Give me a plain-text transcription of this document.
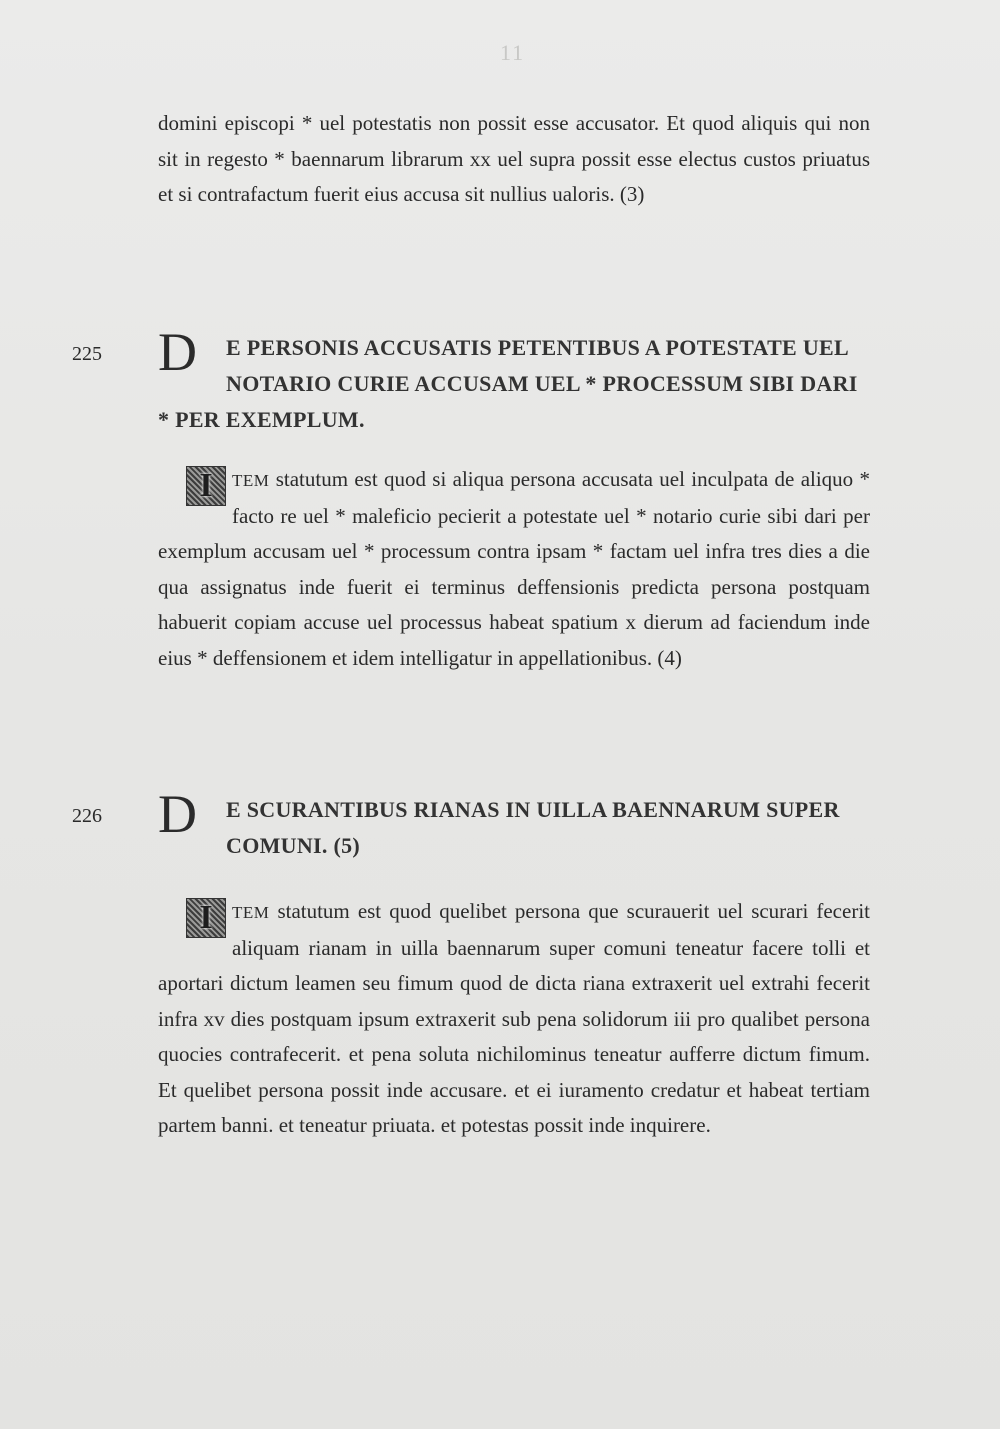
11

domini episcopi * uel potestatis non possit esse accusator. Et quod aliquis qui non sit in regesto * baennarum librarum xx uel supra possit esse electus custos priuatus et si contrafactum fuerit eius accusa sit nullius ualoris. (3)

225 D	E PERSONIS ACCUSATIS PETENTIBUS A POTESTATE UEL NOTARIO CURIE ACCUSAM UEL * PROCESSUM SIBI DARI * PER EXEMPLUM.
I	TEM statutum est quod si aliqua persona accusata uel inculpata de aliquo * facto re uel * maleficio pecierit a potestate uel * notario curie sibi dari per exemplum accusam uel * processum contra ipsam * factam uel infra tres dies a die qua assignatus inde fuerit ei terminus deffensionis predicta persona postquam habuerit copiam accuse uel processus habeat spatium x dierum ad faciendum inde eius * deffensionem et idem intelligatur in appellationibus. (4)

226 D	E SCURANTIBUS RIANAS IN UILLA BAENNARUM SUPER COMUNI. (5)
I	TEM statutum est quod quelibet persona que scurauerit uel scurari fecerit aliquam rianam in uilla baennarum super comuni teneatur facere tolli et aportari dictum leamen seu fimum quod de dicta riana extraxerit uel extrahi fecerit infra xv dies postquam ipsum extraxerit sub pena solidorum iii pro qualibet persona quocies contrafecerit. et pena soluta nichilominus teneatur aufferre dictum fimum. Et quelibet persona possit inde accusare. et ei iuramento credatur et habeat tertiam partem banni. et teneatur priuata. et potestas possit inde inquirere.
